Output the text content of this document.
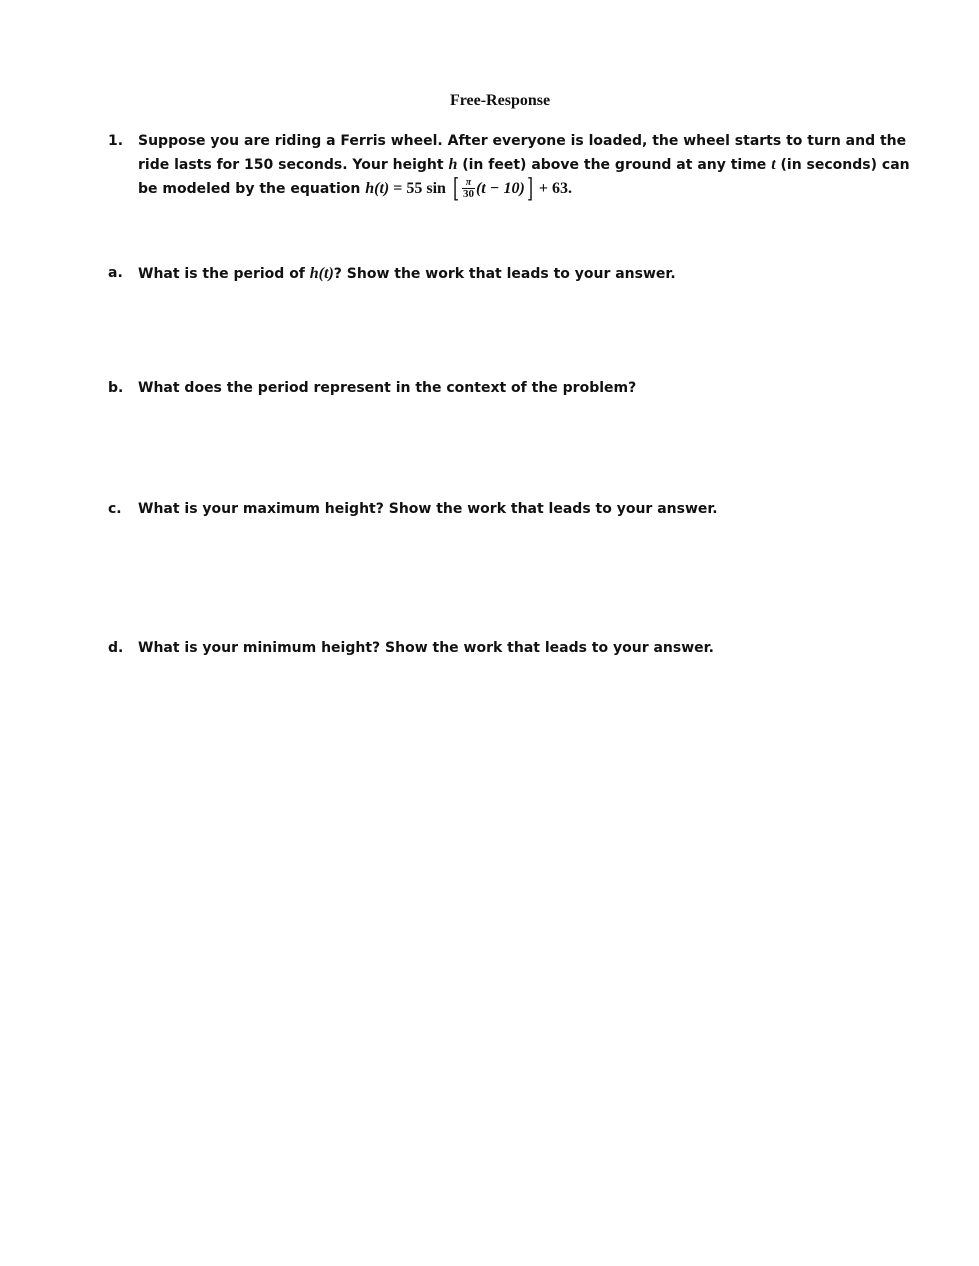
Free-Response
1. Suppose you are riding a Ferris wheel. After everyone is loaded, the wheel starts to turn and the ride lasts for 150 seconds. Your height h (in feet) above the ground at any time t (in seconds) can be modeled by the equation h(t) = 55 sin [ $\frac{\pi}{30} (t - 10)] + 63$.
a. What is the period of h(t)? Show the work that leads to your answer.
b. What does the period represent in the context of the problem?
c. What is your maximum height? Show the work that leads to your answer.
d. What is your minimum height? Show the work that leads to your answer.
